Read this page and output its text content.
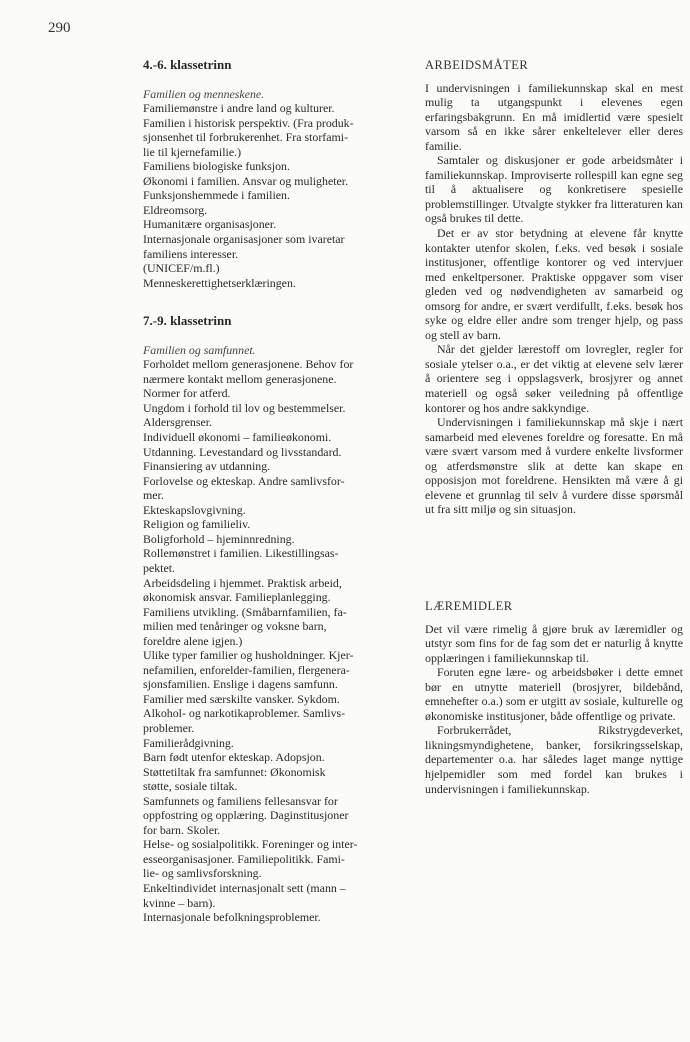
290
4.-6. klassetrinn
Familien og menneskene.
Familiemønstre i andre land og kulturer.
Familien i historisk perspektiv. (Fra produk-
sjonsenhet til forbrukerenhet. Fra storfami-
lie til kjernefamilie.)
Familiens biologiske funksjon.
Økonomi i familien. Ansvar og muligheter.
Funksjonshemmede i familien.
Eldreomsorg.
Humanitære organisasjoner.
Internasjonale organisasjoner som ivaretar
familiens interesser.
(UNICEF/m.fl.)
Menneskerettighetserklæringen.
7.-9. klassetrinn
Familien og samfunnet.
Forholdet mellom generasjonene. Behov for
nærmere kontakt mellom generasjonene.
Normer for atferd.
Ungdom i forhold til lov og bestemmelser.
Aldersgrenser.
Individuell økonomi – familieøkonomi.
Utdanning. Levestandard og livsstandard.
Finansiering av utdanning.
Forlovelse og ekteskap. Andre samlivsfor-
mer.
Ekteskapslovgivning.
Religion og familieliv.
Boligforhold – hjeminnredning.
Rollemønstret i familien. Likestillingsas-
pektet.
Arbeidsdeling i hjemmet. Praktisk arbeid,
økonomisk ansvar. Familieplanlegging.
Familiens utvikling. (Småbarnfamilien, fa-
milien med tenåringer og voksne barn,
foreldre alene igjen.)
Ulike typer familier og husholdninger. Kjer-
nefamilien, enforelder-familien, flergenera-
sjonsfamilien. Enslige i dagens samfunn.
Familier med særskilte vansker. Sykdom.
Alkohol- og narkotikaproblemer. Samlivs-
problemer.
Familierådgivning.
Barn født utenfor ekteskap. Adopsjon.
Støttetiltak fra samfunnet: Økonomisk
støtte, sosiale tiltak.
Samfunnets og familiens fellesansvar for
oppfostring og opplæring. Daginstitusjoner
for barn. Skoler.
Helse- og sosialpolitikk. Foreninger og inter-
esseorganisasjoner. Familiepolitikk. Fami-
lie- og samlivsforskning.
Enkeltindividet internasjonalt sett (mann –
kvinne – barn).
Internasjonale befolkningsproblemer.
ARBEIDSMÅTER

I undervisningen i familiekunnskap skal en mest mulig ta utgangspunkt i elevenes egen erfaringsbakgrunn. En må imidlertid være spesielt varsom så en ikke sårer enkeltelever eller deres familie.

Samtaler og diskusjoner er gode arbeidsmåter i familiekunnskap. Improviserte rollespill kan egne seg til å aktualisere og konkretisere spesielle problemstillinger. Utvalgte stykker fra litteraturen kan også brukes til dette.

Det er av stor betydning at elevene får knytte kontakter utenfor skolen, f.eks. ved besøk i sosiale institusjoner, offentlige kontorer og ved intervjuer med enkeltpersoner. Praktiske oppgaver som viser gleden ved og nødvendigheten av samarbeid og omsorg for andre, er svært verdifullt, f.eks. besøk hos syke og eldre eller andre som trenger hjelp, og pass og stell av barn.

Når det gjelder lærestoff om lovregler, regler for sosiale ytelser o.a., er det viktig at elevene selv lærer å orientere seg i oppslagsverk, brosjyrer og annet materiell og også søker veiledning på offentlige kontorer og hos andre sakkyndige.

Undervisningen i familiekunnskap må skje i nært samarbeid med elevenes foreldre og foresatte. En må være svært varsom med å vurdere enkelte livsformer og atferdsmønstre slik at dette kan skape en opposisjon mot foreldrene. Hensikten må være å gi elevene et grunnlag til selv å vurdere disse spørsmål ut fra sitt miljø og sin situasjon.

LÆREMIDLER

Det vil være rimelig å gjøre bruk av læremidler og utstyr som fins for de fag som det er naturlig å knytte opplæringen i familiekunnskap til.

Foruten egne lære- og arbeidsbøker i dette emnet bør en utnytte materiell (brosjyrer, bildebånd, emnehefter o.a.) som er utgitt av sosiale, kulturelle og økonomiske institusjoner, både offentlige og private.

Forbrukerrådet, Rikstrygdeverket, likningsmyndighetene, banker, forsikringsselskap, departementer o.a. har således laget mange nyttige hjelpemidler som med fordel kan brukes i undervisningen i familiekunnskap.
